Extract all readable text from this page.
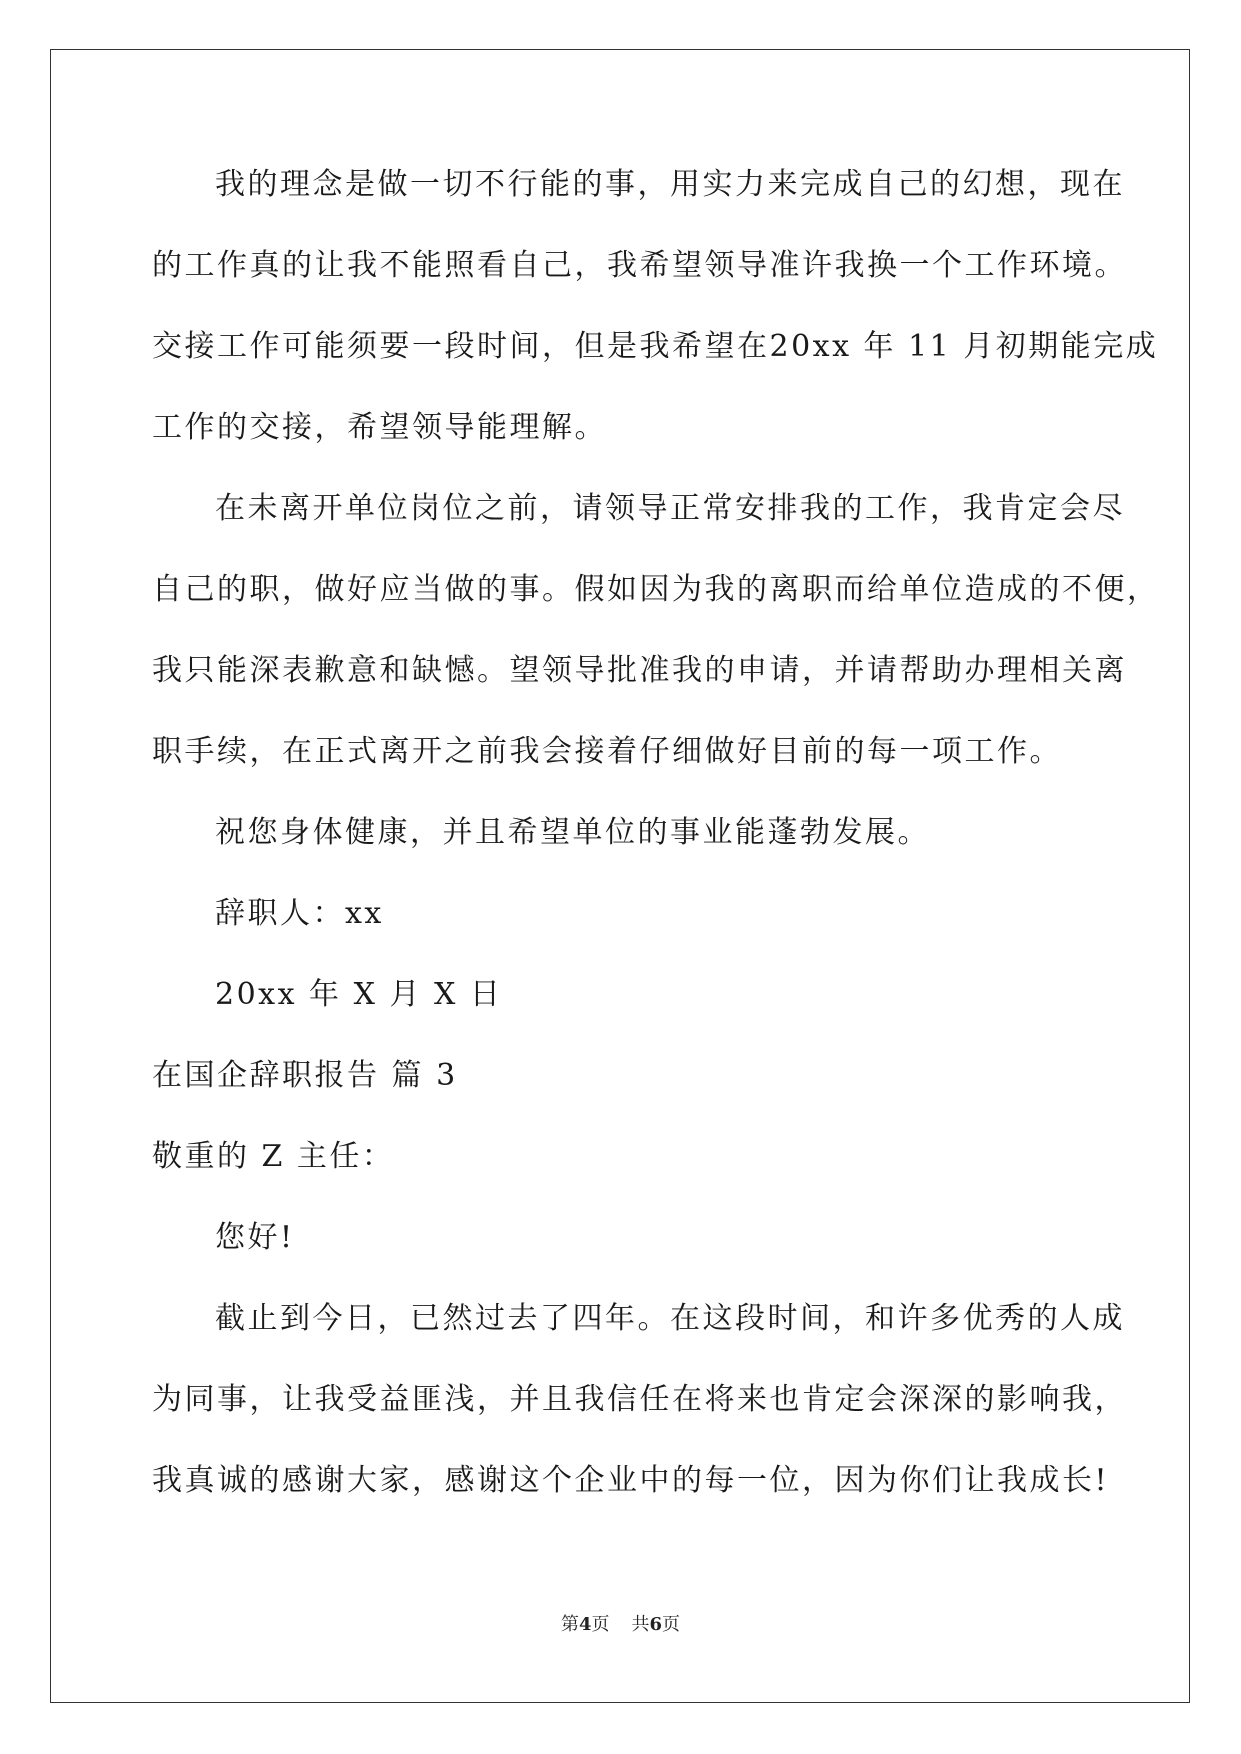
我的理念是做一切不行能的事，用实力来完成自己的幻想，现在
的工作真的让我不能照看自己，我希望领导准许我换一个工作环境。
交接工作可能须要一段时间，但是我希望在20xx 年 11 月初期能完成
工作的交接，希望领导能理解。
在未离开单位岗位之前，请领导正常安排我的工作，我肯定会尽
自己的职，做好应当做的事。假如因为我的离职而给单位造成的不便，
我只能深表歉意和缺憾。望领导批准我的申请，并请帮助办理相关离
职手续，在正式离开之前我会接着仔细做好目前的每一项工作。
祝您身体健康，并且希望单位的事业能蓬勃发展。
辞职人：xx
20xx 年 X 月 X 日
在国企辞职报告 篇 3
敬重的 Z 主任：
您好!
截止到今日，已然过去了四年。在这段时间，和许多优秀的人成
为同事，让我受益匪浅，并且我信任在将来也肯定会深深的影响我，
我真诚的感谢大家，感谢这个企业中的每一位，因为你们让我成长!
第4页 共6页
